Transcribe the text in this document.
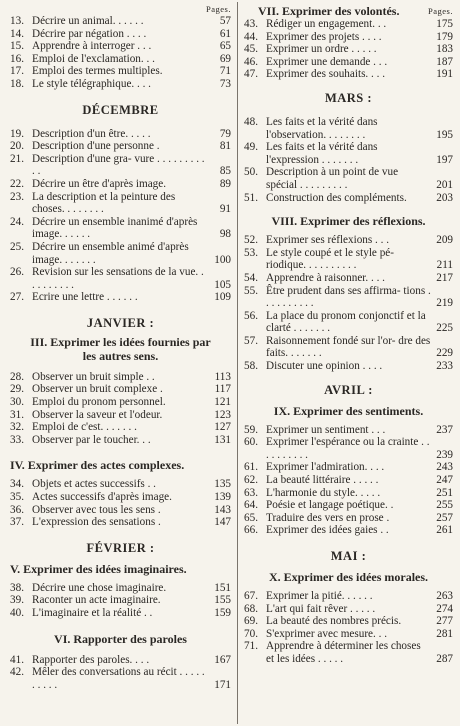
Pages.
13. Décrire un animal. . . . . .	57
14. Décrire par négation . . . .	61
15. Apprendre à interroger . . .	65
16. Emploi de l'exclamation. . .	69
17. Emploi des termes multiples.	71
18. Le style télégraphique. . . .	73
DÉCEMBRE
19. Description d'un être. . . . .	79
20. Description d'une personne .	81
21. Description d'une gra- vure . . . . . . . . . . .	85
22. Décrire un être d'après image.	89
23. La description et la peinture des choses. . . . . . . .	91
24. Décrire un ensemble inanimé d'après image. . . . . .	98
25. Décrire un ensemble animé d'après image. . . . . . .	100
26. Revision sur les sensations de la vue. . . . . . . . . .	105
27. Ecrire une lettre . . . . . .	109
JANVIER :
III. Exprimer les idées fournies par les autres sens.
28. Observer un bruit simple . .	113
29. Observer un bruit complexe .	117
30. Emploi du pronom personnel.	121
31. Observer la saveur et l'odeur.	123
32. Emploi de c'est. . . . . . .	127
33. Observer par le toucher. . .	131
IV. Exprimer des actes complexes.
34. Objets et actes successifs . .	135
35. Actes successifs d'après image.	139
36. Observer avec tous les sens .	143
37. L'expression des sensations .	147
FÉVRIER :
V. Exprimer des idées imaginaires.
38. Décrire une chose imaginaire.	151
39. Raconter un acte imaginaire.	155
40. L'imaginaire et la réalité . .	159
VI. Rapporter des paroles
41. Rapporter des paroles. . . .	167
42. Mêler des conversations au récit . . . . . . . . . .	171
VII. Exprimer des volontés.	Pages.
43. Rédiger un engagement. . .	175
44. Exprimer des projets . . . .	179
45. Exprimer un ordre . . . . .	183
46. Exprimer une demande . . .	187
47. Exprimer des souhaits. . . .	191
MARS :
48. Les faits et la vérité dans l'observation. . . . . . . .	195
49. Les faits et la vérité dans l'expression . . . . . . .	197
50. Description à un point de vue spécial . . . . . . . . .	201
51. Construction des compléments.	203
VIII. Exprimer des réflexions.
52. Exprimer ses réflexions . . .	209
53. Le style coupé et le style pé- riodique. . . . . . . . . .	211
54. Apprendre à raisonner. . . .	217
55. Être prudent dans ses affirma- tions . . . . . . . . . .	219
56. La place du pronom conjonctif et la clarté . . . . . . .	225
57. Raisonnement fondé sur l'or- dre des faits. . . . . . .	229
58. Discuter une opinion . . . .	233
AVRIL :
IX. Exprimer des sentiments.
59. Exprimer un sentiment . . .	237
60. Exprimer l'espérance ou la crainte . . . . . . . . . .	239
61. Exprimer l'admiration. . . .	243
62. La beauté littéraire . . . . .	247
63. L'harmonie du style. . . . .	251
64. Poésie et langage poétique. .	255
65. Traduire des vers en prose .	257
66. Exprimer des idées gaies . .	261
MAI :
X. Exprimer des idées morales.
67. Exprimer la pitié. . . . . .	263
68. L'art qui fait rêver . . . . .	274
69. La beauté des nombres précis.	277
70. S'exprimer avec mesure. . .	281
71. Apprendre à déterminer les choses et les idées . . . . .	287
